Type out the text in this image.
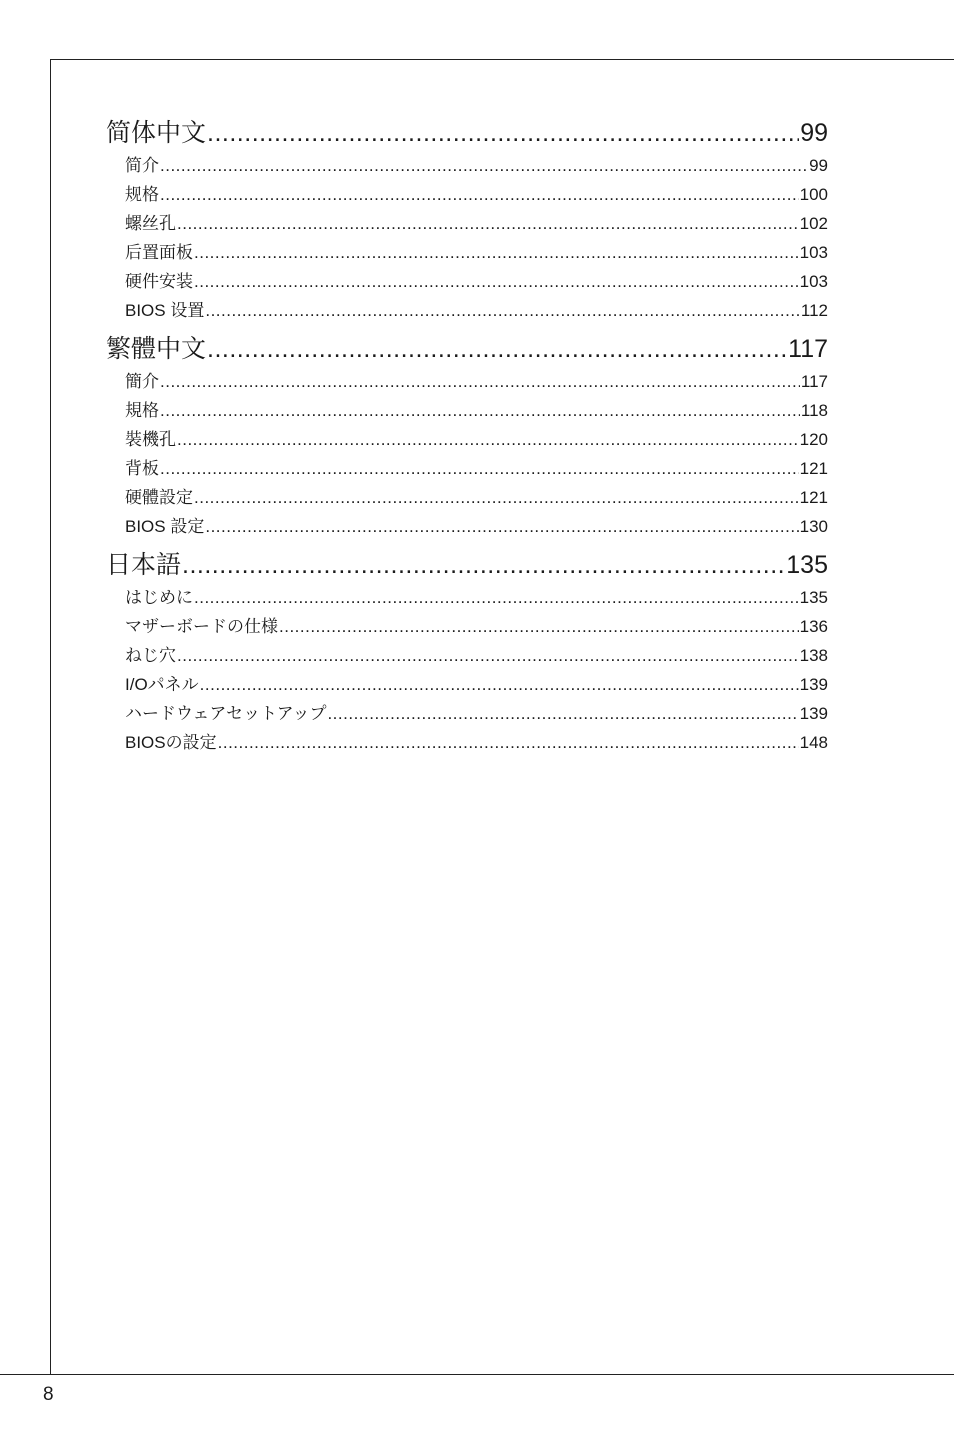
简体中文 .....	99
简介 .....	99
规格 .....	100
螺丝孔 .....	102
后置面板 .....	103
硬件安装 .....	103
BIOS 设置 .....	112
繁體中文 .....	117
簡介 .....	117
規格 .....	118
裝機孔 .....	120
背板 .....	121
硬體設定 .....	121
BIOS 設定 .....	130
日本語 .....	135
はじめに .....	135
マザーボードの仕様 .....	136
ねじ穴 .....	138
I/Oパネル .....	139
ハードウェアセットアップ .....	139
BIOSの設定 .....	148
8
